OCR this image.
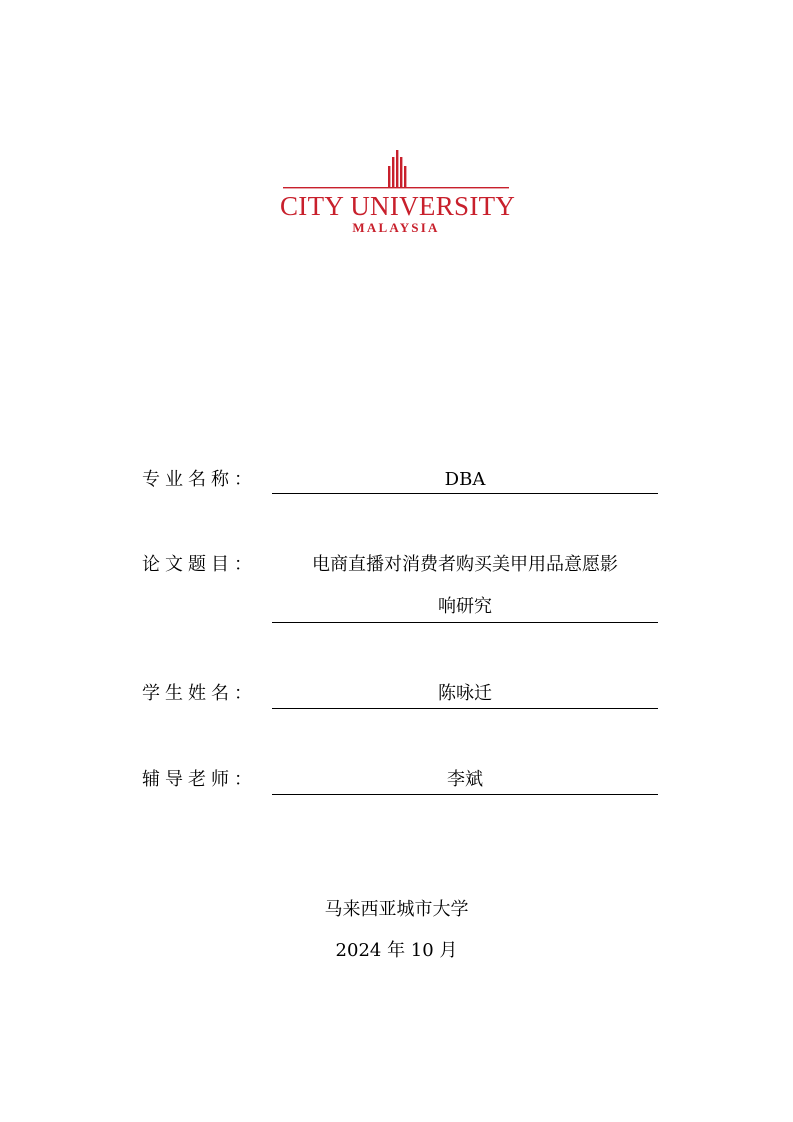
CITY UNIVERSITY
MALAYSIA
专业名称：	DBA
论文题目：	电商直播对消费者购买美甲用品意愿影
响研究
学生姓名：	陈咏迁
辅导老师：	李斌
马来西亚城市大学
2024 年 10 月
